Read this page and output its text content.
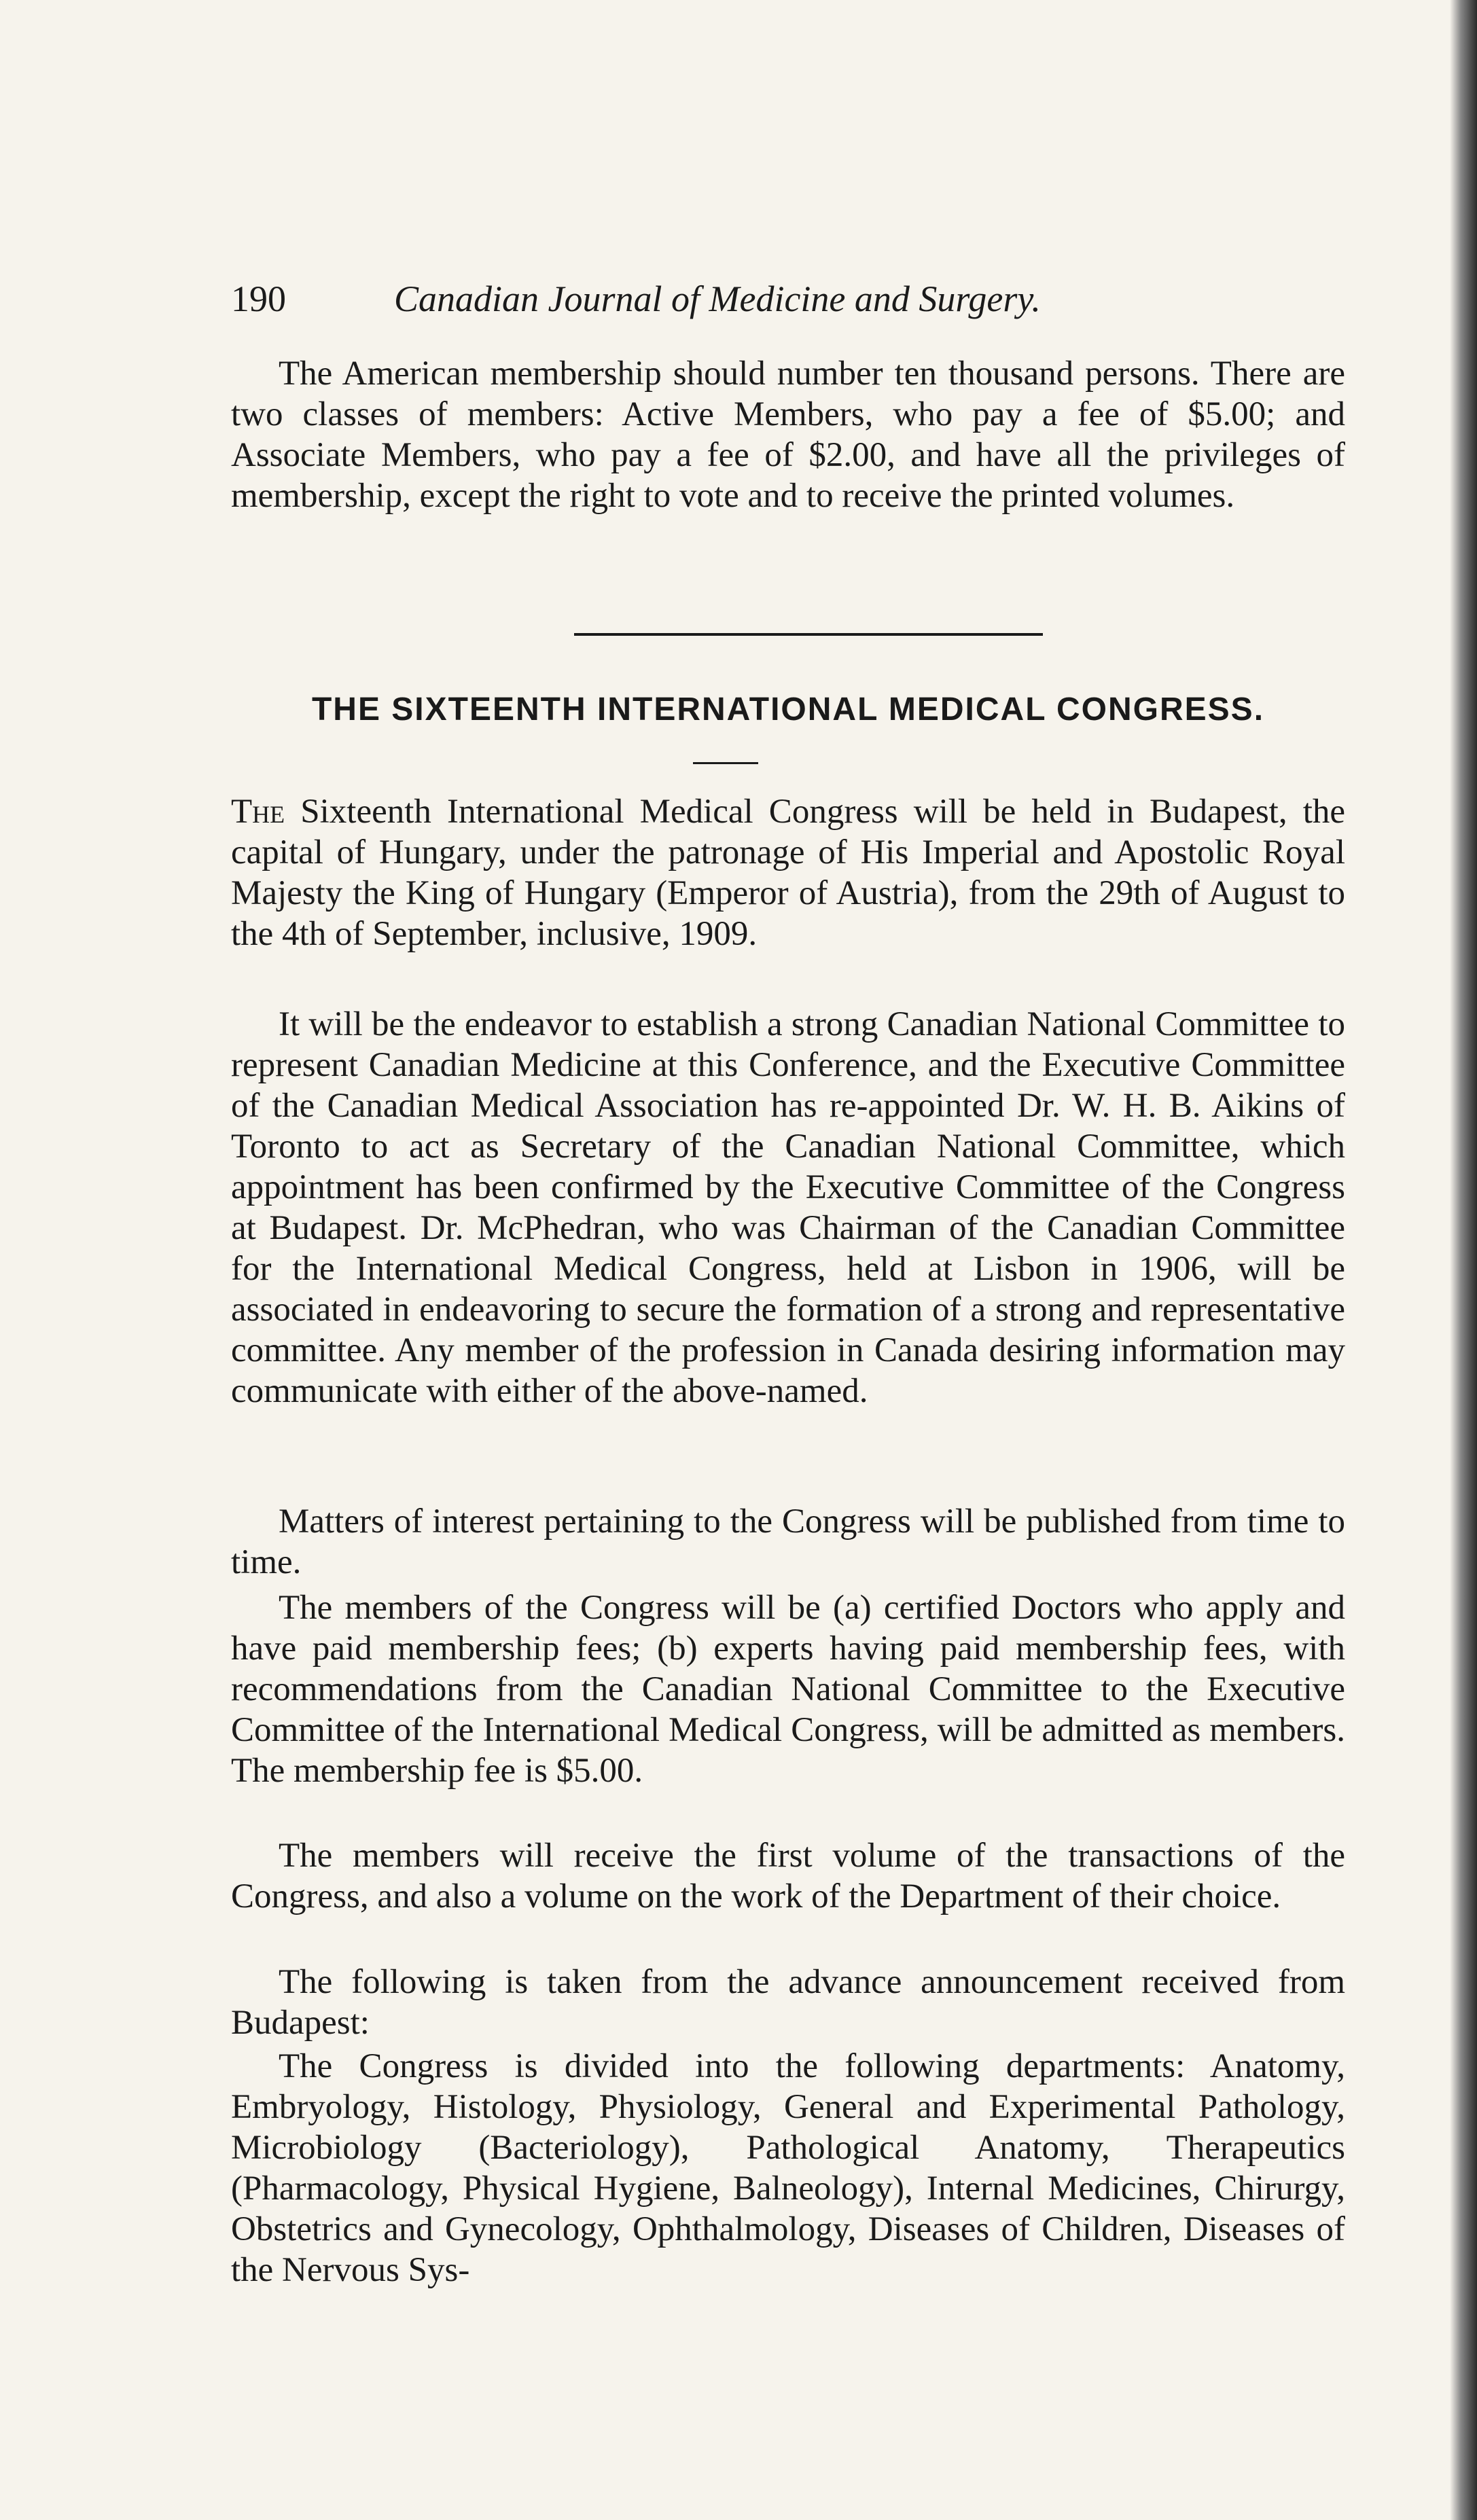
190	Canadian Journal of Medicine and Surgery.

The American membership should number ten thousand persons. There are two classes of members: Active Members, who pay a fee of $5.00; and Associate Members, who pay a fee of $2.00, and have all the privileges of membership, except the right to vote and to receive the printed volumes.

THE SIXTEENTH INTERNATIONAL MEDICAL CONGRESS.

The Sixteenth International Medical Congress will be held in Budapest, the capital of Hungary, under the patronage of His Imperial and Apostolic Royal Majesty the King of Hungary (Emperor of Austria), from the 29th of August to the 4th of September, inclusive, 1909.

It will be the endeavor to establish a strong Canadian National Committee to represent Canadian Medicine at this Conference, and the Executive Committee of the Canadian Medical Association has re-appointed Dr. W. H. B. Aikins of Toronto to act as Secretary of the Canadian National Committee, which appointment has been confirmed by the Executive Committee of the Congress at Budapest. Dr. McPhedran, who was Chairman of the Canadian Committee for the International Medical Congress, held at Lisbon in 1906, will be associated in endeavoring to secure the formation of a strong and representative committee. Any member of the profession in Canada desiring information may communicate with either of the above-named.

Matters of interest pertaining to the Congress will be published from time to time.

The members of the Congress will be (a) certified Doctors who apply and have paid membership fees; (b) experts having paid membership fees, with recommendations from the Canadian National Committee to the Executive Committee of the International Medical Congress, will be admitted as members. The membership fee is $5.00.

The members will receive the first volume of the transactions of the Congress, and also a volume on the work of the Department of their choice.

The following is taken from the advance announcement received from Budapest:

The Congress is divided into the following departments: Anatomy, Embryology, Histology, Physiology, General and Experimental Pathology, Microbiology (Bacteriology), Pathological Anatomy, Therapeutics (Pharmacology, Physical Hygiene, Balneology), Internal Medicines, Chirurgy, Obstetrics and Gynecology, Ophthalmology, Diseases of Children, Diseases of the Nervous Sys-
